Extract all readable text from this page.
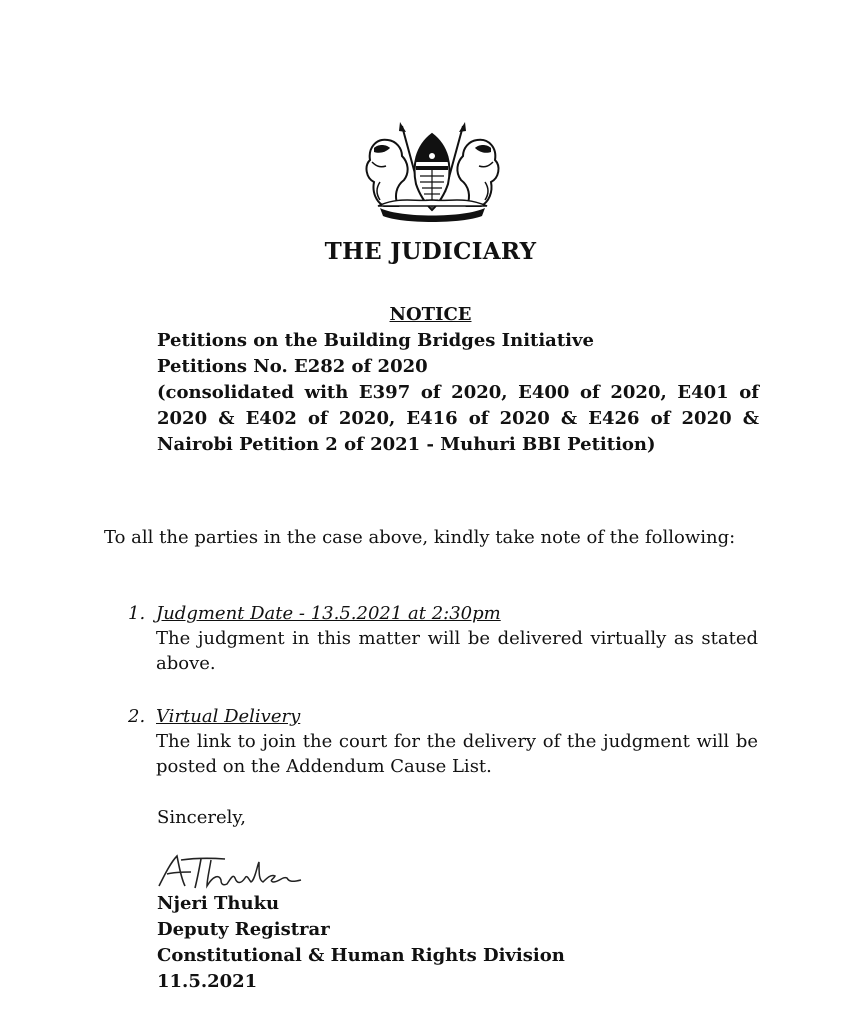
THE JUDICIARY
NOTICE
Petitions on the Building Bridges Initiative
Petitions No. E282 of 2020
(consolidated with E397 of 2020, E400 of 2020, E401 of
2020 & E402 of 2020, E416 of 2020 & E426 of 2020 &
Nairobi Petition 2 of 2021 - Muhuri BBI Petition)
To all the parties in the case above, kindly take note of the following:
1. Judgment Date - 13.5.2021 at 2:30pm
The judgment in this matter will be delivered virtually as stated above.
2. Virtual Delivery
The link to join the court for the delivery of the judgment will be posted on the Addendum Cause List.
Sincerely,
Njeri Thuku
Deputy Registrar
Constitutional & Human Rights Division
11.5.2021
